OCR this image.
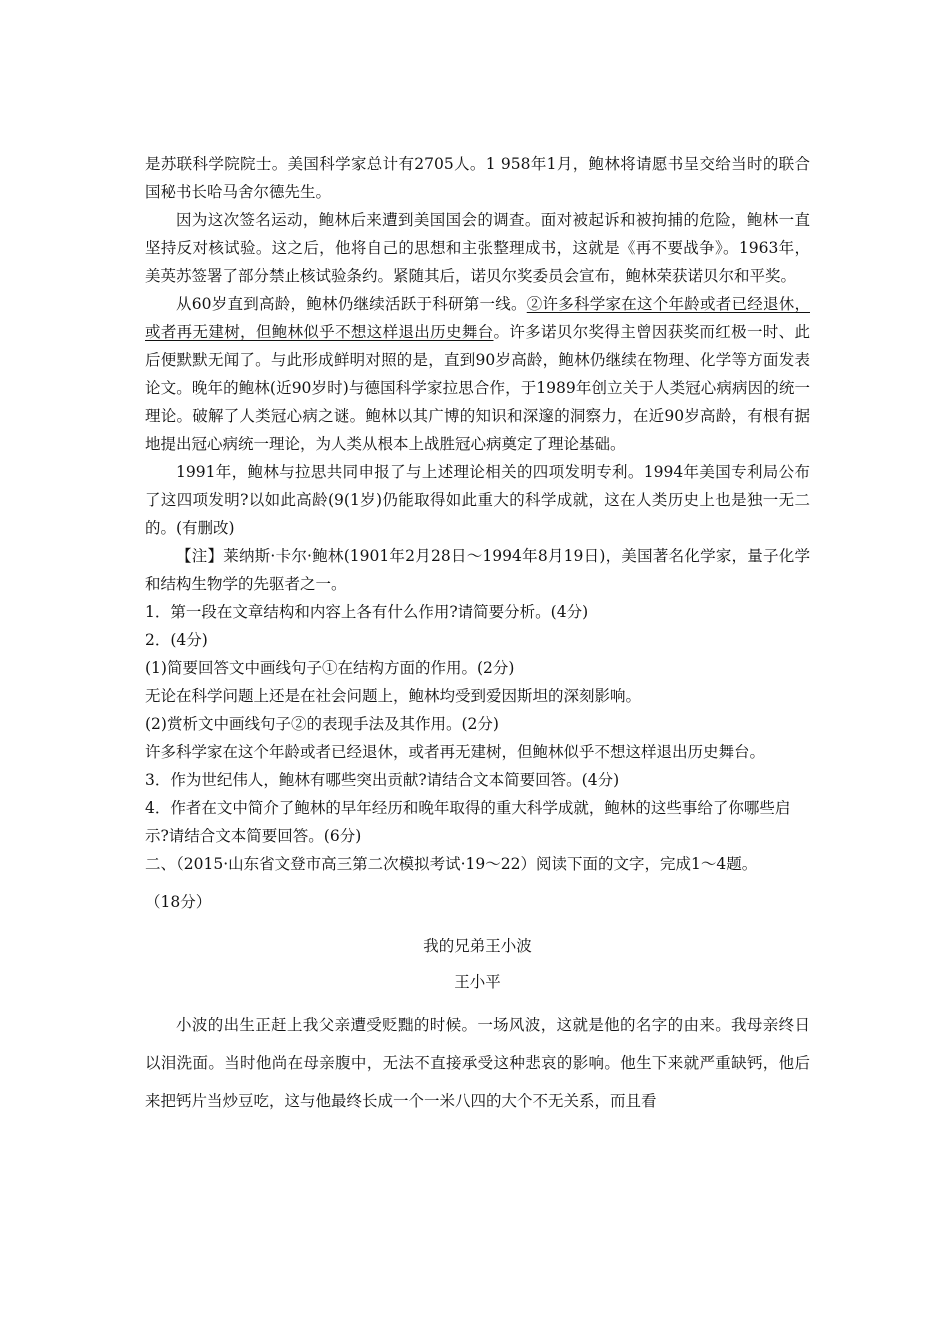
是苏联科学院院士。美国科学家总计有2705人。1 958年1月，鲍林将请愿书呈交给当时的联合国秘书长哈马舍尔德先生。

因为这次签名运动，鲍林后来遭到美国国会的调查。面对被起诉和被拘捕的危险，鲍林一直坚持反对核试验。这之后，他将自己的思想和主张整理成书，这就是《再不要战争》。1963年，美英苏签署了部分禁止核试验条约。紧随其后，诺贝尔奖委员会宣布，鲍林荣获诺贝尔和平奖。

从60岁直到高龄，鲍林仍继续活跃于科研第一线。②许多科学家在这个年龄或者已经退休，或者再无建树，但鲍林似乎不想这样退出历史舞台。许多诺贝尔奖得主曾因获奖而红极一时、此后便默默无闻了。与此形成鲜明对照的是，直到90岁高龄，鲍林仍继续在物理、化学等方面发表论文。晚年的鲍林(近90岁时)与德国科学家拉思合作，于1989年创立关于人类冠心病病因的统一理论。破解了人类冠心病之谜。鲍林以其广博的知识和深邃的洞察力，在近90岁高龄，有根有据地提出冠心病统一理论，为人类从根本上战胜冠心病奠定了理论基础。

1991年，鲍林与拉思共同申报了与上述理论相关的四项发明专利。1994年美国专利局公布了这四项发明?以如此高龄(9(1岁)仍能取得如此重大的科学成就，这在人类历史上也是独一无二的。(有删改)

【注】莱纳斯·卡尔·鲍林(1901年2月28日～1994年8月19日)，美国著名化学家，量子化学和结构生物学的先驱者之一。

1．第一段在文章结构和内容上各有什么作用?请简要分析。(4分)

2．(4分)

(1)简要回答文中画线句子①在结构方面的作用。(2分)

无论在科学问题上还是在社会问题上，鲍林均受到爱因斯坦的深刻影响。

(2)赏析文中画线句子②的表现手法及其作用。(2分)

许多科学家在这个年龄或者已经退休，或者再无建树，但鲍林似乎不想这样退出历史舞台。

3．作为世纪伟人，鲍林有哪些突出贡献?请结合文本简要回答。(4分)

4．作者在文中简介了鲍林的早年经历和晚年取得的重大科学成就，鲍林的这些事给了你哪些启示?请结合文本简要回答。(6分)

二、（2015·山东省文登市高三第二次模拟考试·19～22）阅读下面的文字，完成1～4题。

（18分）

我的兄弟王小波

王小平

小波的出生正赶上我父亲遭受贬黜的时候。一场风波，这就是他的名字的由来。我母亲终日以泪洗面。当时他尚在母亲腹中，无法不直接承受这种悲哀的影响。他生下来就严重缺钙，他后来把钙片当炒豆吃，这与他最终长成一个一米八四的大个不无关系，而且看
